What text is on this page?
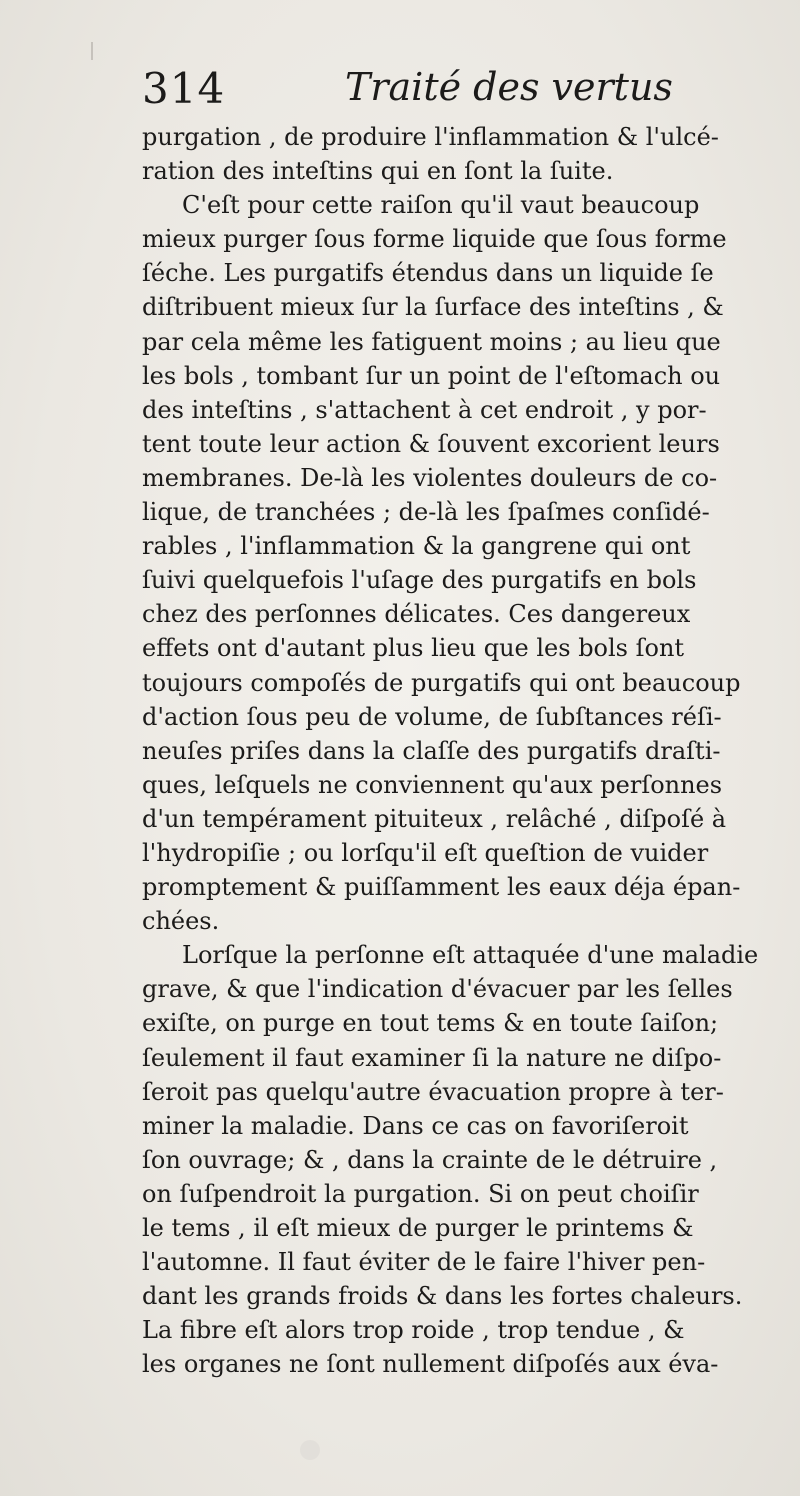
314	Traité des vertus
purgation , de produire l'inflammation & l'ulcé-
ration des inteſtins qui en ſont la ſuite.
C'eſt pour cette raiſon qu'il vaut beaucoup
mieux purger ſous forme liquide que ſous forme
ſéche. Les purgatifs étendus dans un liquide ſe
diſtribuent mieux ſur la ſurface des inteſtins , &
par cela même les fatiguent moins ; au lieu que
les bols , tombant ſur un point de l'eſtomach ou
des inteſtins , s'attachent à cet endroit , y por-
tent toute leur action & ſouvent excorient leurs
membranes. De-là les violentes douleurs de co-
lique, de tranchées ; de-là les ſpaſmes conſidé-
rables , l'inflammation & la gangrene qui ont
ſuivi quelquefois l'uſage des purgatifs en bols
chez des perſonnes délicates. Ces dangereux
effets ont d'autant plus lieu que les bols ſont
toujours compoſés de purgatifs qui ont beaucoup
d'action ſous peu de volume, de ſubſtances réſi-
neuſes priſes dans la claſſe des purgatifs draſti-
ques, leſquels ne conviennent qu'aux perſonnes
d'un tempérament pituiteux , relâché , diſpoſé à
l'hydropiſie ; ou lorſqu'il eſt queſtion de vuider
promptement & puiſſamment les eaux déja épan-
chées.
Lorſque la perſonne eſt attaquée d'une maladie
grave, & que l'indication d'évacuer par les ſelles
exiſte, on purge en tout tems & en toute ſaiſon;
ſeulement il faut examiner ſi la nature ne diſpo-
ſeroit pas quelqu'autre évacuation propre à ter-
miner la maladie. Dans ce cas on favoriſeroit
ſon ouvrage; & , dans la crainte de le détruire ,
on ſuſpendroit la purgation. Si on peut choiſir
le tems , il eſt mieux de purger le printems &
l'automne. Il faut éviter de le faire l'hiver pen-
dant les grands froids & dans les fortes chaleurs.
La fibre eſt alors trop roide , trop tendue , &
les organes ne ſont nullement diſpoſés aux éva-
